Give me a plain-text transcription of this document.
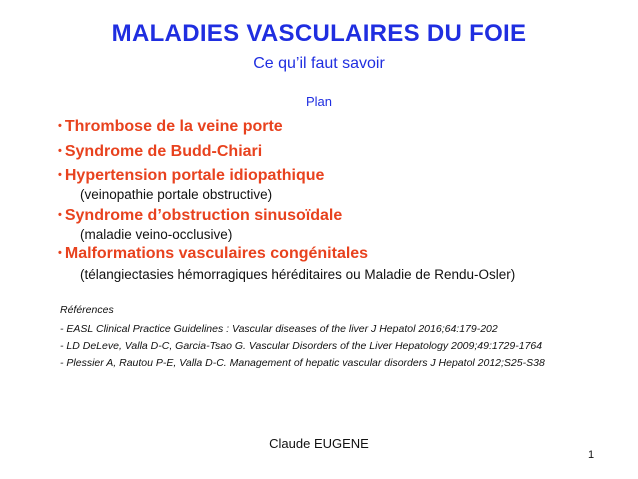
MALADIES VASCULAIRES DU FOIE
Ce qu’il faut savoir
Plan
• Thrombose de la veine porte
• Syndrome de Budd-Chiari
• Hypertension portale idiopathique
(veinopathie portale obstructive)
• Syndrome d’obstruction sinusoïdale
(maladie veino-occlusive)
• Malformations vasculaires congénitales
(télangiectasies hémorragiques héréditaires ou Maladie de Rendu-Osler)
Références
- EASL Clinical Practice Guidelines : Vascular diseases of the liver J Hepatol 2016;64:179-202
- LD DeLeve, Valla D-C, Garcia-Tsao G. Vascular Disorders of the Liver Hepatology 2009;49:1729-1764
- Plessier A, Rautou P-E, Valla D-C. Management of hepatic vascular disorders J Hepatol 2012;S25-S38
Claude EUGENE
1
